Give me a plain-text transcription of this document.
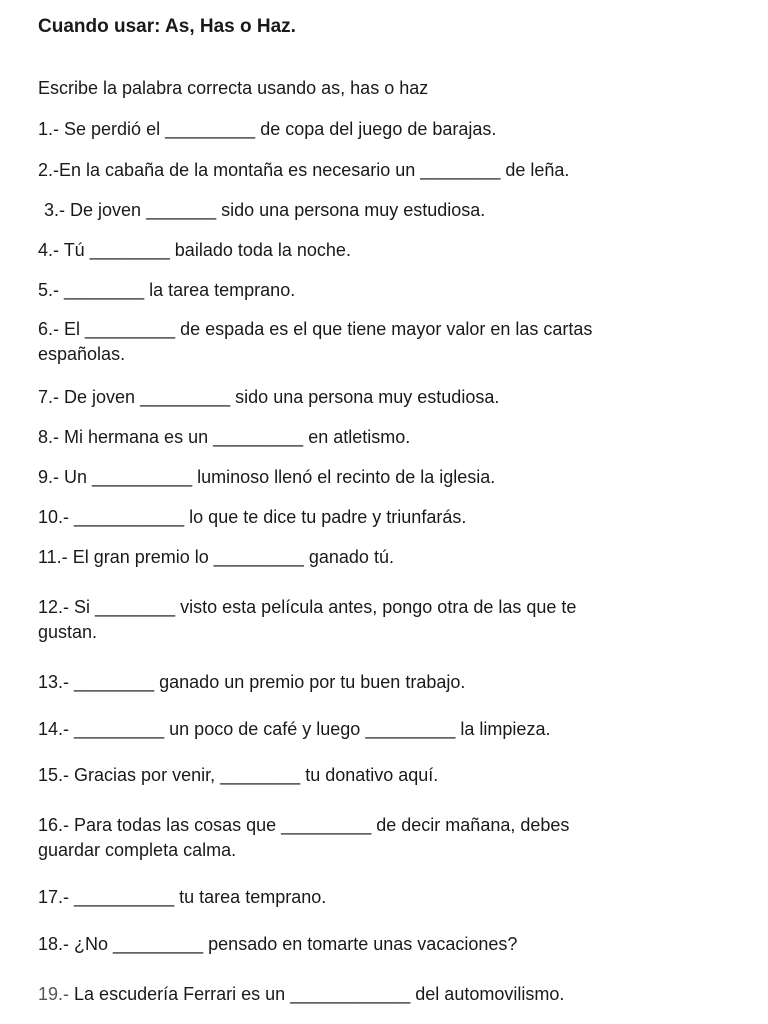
Cuando usar: As, Has o Haz.
Escribe la palabra correcta usando as, has o haz
1.- Se perdió el _________ de copa del juego de barajas.
2.-En la cabaña de la montaña es necesario un ________ de leña.
3.- De joven _______ sido una persona muy estudiosa.
4.- Tú ________ bailado toda la noche.
5.- ________ la tarea temprano.
6.- El _________ de espada es el que tiene mayor valor en las cartas
españolas.
7.- De joven _________ sido una persona muy estudiosa.
8.- Mi hermana es un _________ en atletismo.
9.- Un __________ luminoso llenó el recinto de la iglesia.
10.- ___________ lo que te dice tu padre y triunfarás.
11.- El gran premio lo _________ ganado tú.
12.- Si ________ visto esta película antes, pongo otra de las que te
gustan.
13.- ________ ganado un premio por tu buen trabajo.
14.- _________ un poco de café y luego _________ la limpieza.
15.- Gracias por venir, ________ tu donativo aquí.
16.- Para todas las cosas que _________ de decir mañana, debes
guardar completa calma.
17.- __________ tu tarea temprano.
18.- ¿No _________ pensado en tomarte unas vacaciones?
19.- La escudería Ferrari es un ____________ del automovilismo.
